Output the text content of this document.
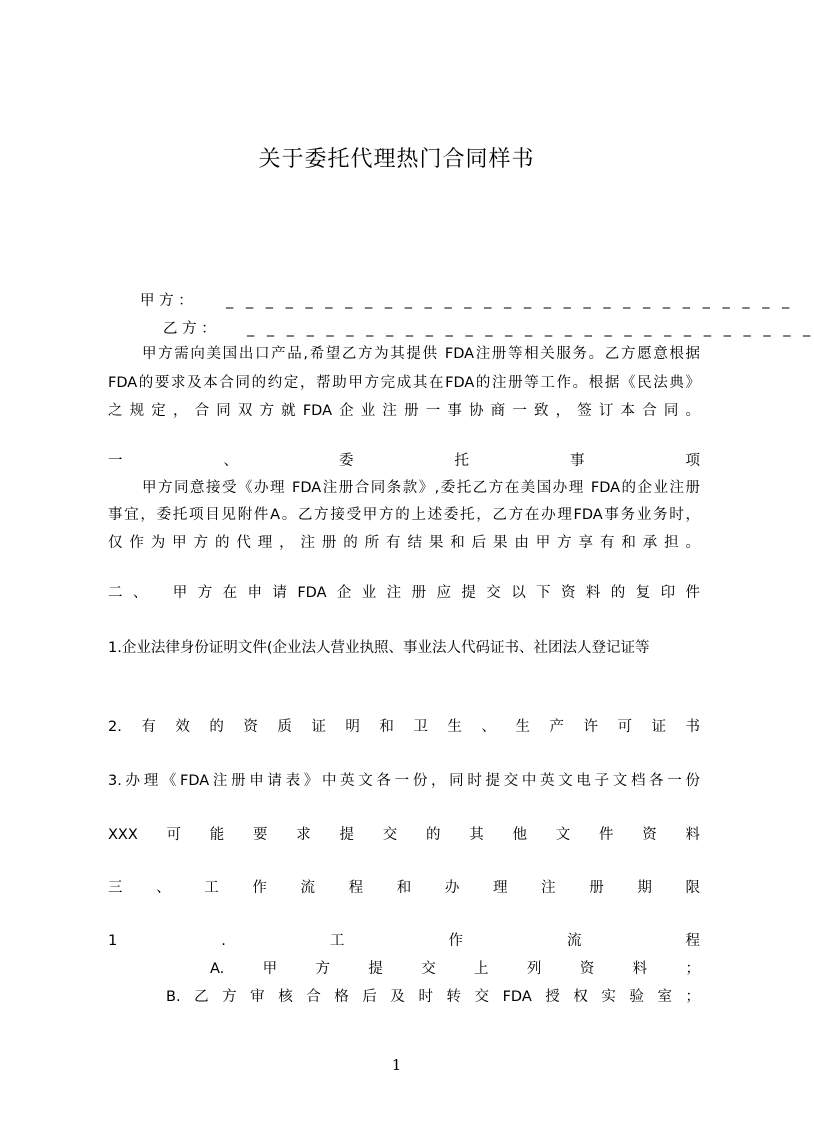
关于委托代理热门合同样书
甲 方 ： _ _ _ _ _ _ _ _ _ _ _ _ _ _ _ _ _ _ _ _ _ _ _ _ _ _ _ _ _
乙 方 ： _ _ _ _ _ _ _ _ _ _ _ _ _ _ _ _ _ _ _ _ _ _ _ _ _ _ _ _ _
甲方需向美国出口产品,希望乙方为其提供 FDA注册等相关服务。乙方愿意根据
FDA的要求及本合同的约定，帮助甲方完成其在FDA的注册等工作。根据《民法典》
之规定，合同双方就FDA企业注册一事协商一致，签订本合同。
一	、	委	托	事	项
甲方同意接受《办理 FDA注册合同条款》,委托乙方在美国办理 FDA的企业注册
事宜，委托项目见附件A。乙方接受甲方的上述委托，乙方在办理FDA事务业务时，
仅作为甲方的代理，注册的所有结果和后果由甲方享有和承担。
二、 甲方在申请FDA企业注册应提交以下资料的复印件
1.企业法律身份证明文件(企业法人营业执照、事业法人代码证书、社团法人登记证等
2.有效的资质证明和卫生、生产许可证书
3.办理《FDA注册申请表》中英文各一份，同时提交中英文电子文档各一份
XXX可能要求提交的其他文件资料
三、工作流程和办理注册期限
1	.	工	作	流	程
A.甲方提交上列资料；
B.乙方审核合格后及时转交FDA授权实验室；
1
